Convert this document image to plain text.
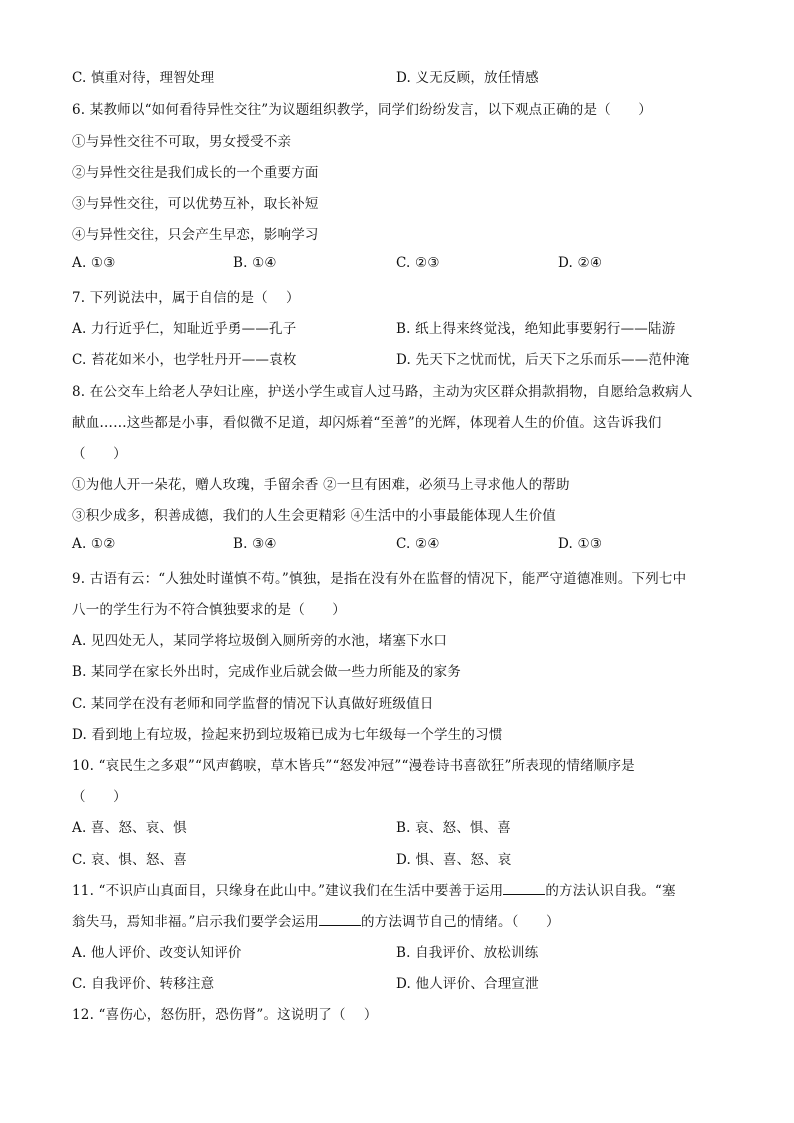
C. 慎重对待，理智处理	D. 义无反顾，放任情感
6. 某教师以“如何看待异性交往”为议题组织教学，同学们纷纷发言，以下观点正确的是（　　）
①与异性交往不可取，男女授受不亲
②与异性交往是我们成长的一个重要方面
③与异性交往，可以优势互补，取长补短
④与异性交往，只会产生早恋，影响学习
A. ①③	B. ①④	C. ②③	D. ②④
7. 下列说法中，属于自信的是（　 ）
A. 力行近乎仁，知耻近乎勇——孔子	B. 纸上得来终觉浅，绝知此事要躬行——陆游
C. 苔花如米小，也学牡丹开——袁枚	D. 先天下之忧而忧，后天下之乐而乐——范仲淹
8. 在公交车上给老人孕妇让座，护送小学生或盲人过马路，主动为灾区群众捐款捐物，自愿给急救病人
献血……这些都是小事，看似微不足道，却闪烁着“至善”的光辉，体现着人生的价值。这告诉我们
（　　）
①为他人开一朵花，赠人玫瑰，手留余香 ②一旦有困难，必须马上寻求他人的帮助
③积少成多，积善成德，我们的人生会更精彩 ④生活中的小事最能体现人生价值
A. ①②	B. ③④	C. ②④	D. ①③
9. 古语有云：“人独处时谨慎不苟。”慎独，是指在没有外在监督的情况下，能严守道德准则。下列七中
八一的学生行为不符合慎独要求的是（　　）
A. 见四处无人，某同学将垃圾倒入厕所旁的水池，堵塞下水口
B. 某同学在家长外出时，完成作业后就会做一些力所能及的家务
C. 某同学在没有老师和同学监督的情况下认真做好班级值日
D. 看到地上有垃圾，捡起来扔到垃圾箱已成为七年级每一个学生的习惯
10. “哀民生之多艰”“风声鹤唳，草木皆兵”“怒发冲冠”“漫卷诗书喜欲狂”所表现的情绪顺序是
（　　）
A. 喜、怒、哀、惧	B. 哀、怒、惧、喜
C. 哀、惧、怒、喜	D. 惧、喜、怒、哀
11. “不识庐山真面目，只缘身在此山中。”建议我们在生活中要善于运用	的方法认识自我。“塞
翁失马，焉知非福。”启示我们要学会运用	的方法调节自己的情绪。（　　）
A. 他人评价、改变认知评价	B. 自我评价、放松训练
C. 自我评价、转移注意	D. 他人评价、合理宣泄
12. “喜伤心，怒伤肝，恐伤肾”。这说明了（　 ）
